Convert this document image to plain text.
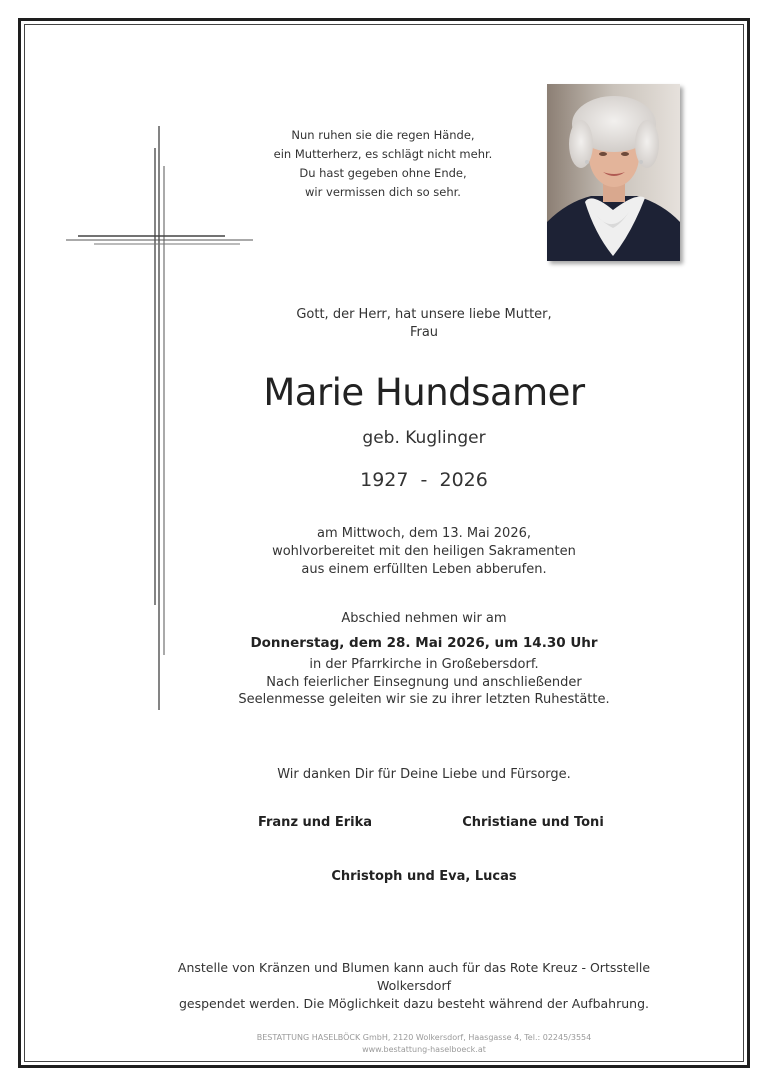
Nun ruhen sie die regen Hände,
ein Mutterherz, es schlägt nicht mehr.
Du hast gegeben ohne Ende,
wir vermissen dich so sehr.
Gott, der Herr, hat unsere liebe Mutter,
Frau
Marie Hundsamer
geb. Kuglinger
1927  -  2026
am Mittwoch, dem 13. Mai 2026,
wohlvorbereitet mit den heiligen Sakramenten
aus einem erfüllten Leben abberufen.
Abschied nehmen wir am
Donnerstag, dem 28. Mai 2026, um 14.30 Uhr
in der Pfarrkirche in Großebersdorf.
Nach feierlicher Einsegnung und anschließender
Seelenmesse geleiten wir sie zu ihrer letzten Ruhestätte.
Wir danken Dir für Deine Liebe und Fürsorge.
Franz und Erika	Christiane und Toni
Christoph und Eva, Lucas
Anstelle von Kränzen und Blumen kann auch für das Rote Kreuz - Ortsstelle Wolkersdorf
gespendet werden. Die Möglichkeit dazu besteht während der Aufbahrung.
BESTATTUNG HASELBÖCK GmbH, 2120 Wolkersdorf, Haasgasse 4, Tel.: 02245/3554
www.bestattung-haselboeck.at
